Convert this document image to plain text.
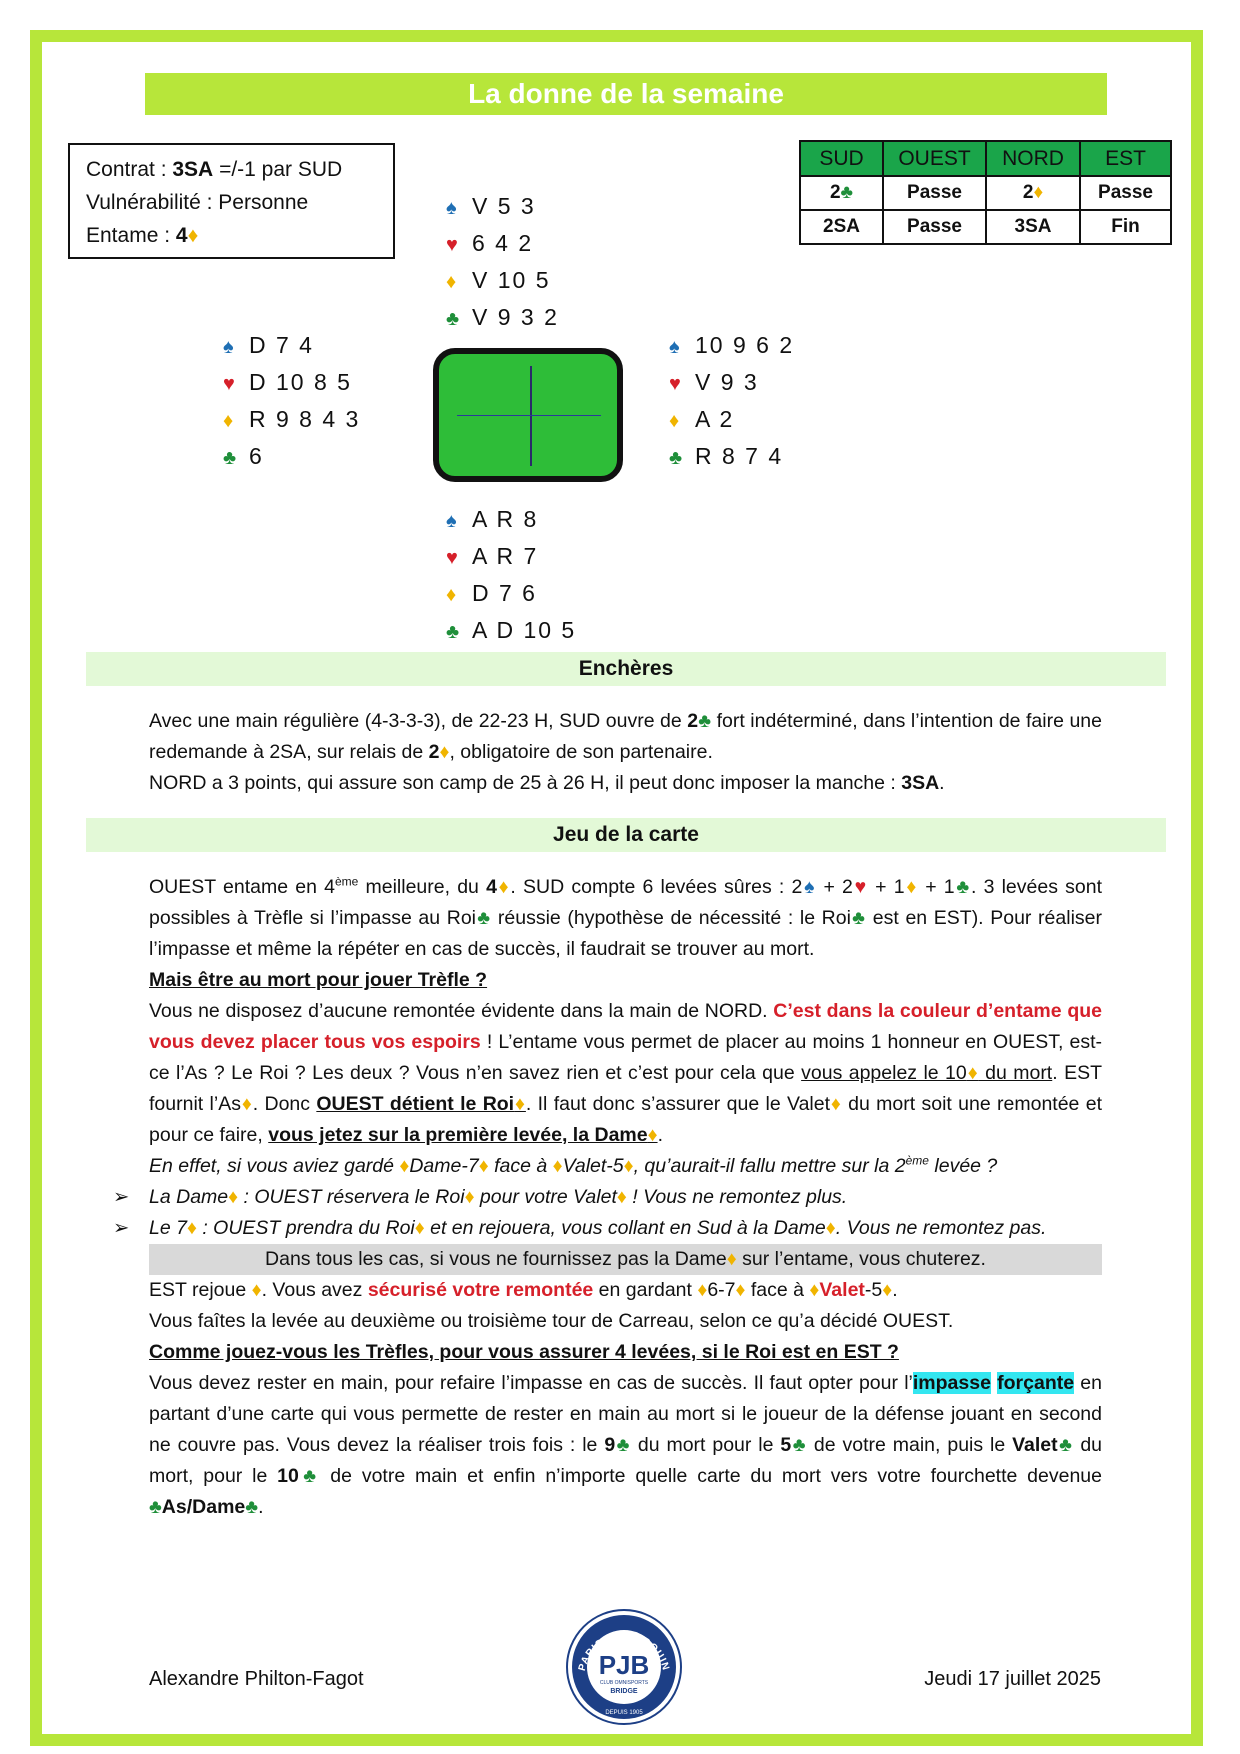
La donne de la semaine
Contrat : 3SA =/-1 par SUD
Vulnérabilité : Personne
Entame : 4♦
♠ V 5 3
♥ 6 4 2
♦ V 10 5
♣ V 9 3 2
♠ D 7 4
♥ D 10 8 5
♦ R 9 8 4 3
♣ 6
♠ 10 9 6 2
♥ V 9 3
♦ A 2
♣ R 8 7 4
♠ A R 8
♥ A R 7
♦ D 7 6
♣ A D 10 5
SUD	OUEST	NORD	EST
2♣	Passe	2♦	Passe
2SA	Passe	3SA	Fin
Enchères

Avec une main régulière (4-3-3-3), de 22-23 H, SUD ouvre de 2♣ fort indéterminé, dans l’intention de faire une redemande à 2SA, sur relais de 2♦, obligatoire de son partenaire.

NORD a 3 points, qui assure son camp de 25 à 26 H, il peut donc imposer la manche : 3SA.

Jeu de la carte

OUEST entame en 4ème meilleure, du 4♦. SUD compte 6 levées sûres : 2♠ + 2♥ + 1♦ + 1♣. 3 levées sont possibles à Trèfle si l’impasse au Roi♣ réussie (hypothèse de nécessité : le Roi♣ est en EST). Pour réaliser l’impasse et même la répéter en cas de succès, il faudrait se trouver au mort.

Mais être au mort pour jouer Trèfle ?

Vous ne disposez d’aucune remontée évidente dans la main de NORD. C’est dans la couleur d’entame que vous devez placer tous vos espoirs ! L’entame vous permet de placer au moins 1 honneur en OUEST, est-ce l’As ? Le Roi ? Les deux ? Vous n’en savez rien et c’est pour cela que vous appelez le 10♦ du mort. EST fournit l’As♦. Donc OUEST détient le Roi♦. Il faut donc s’assurer que le Valet♦ du mort soit une remontée et pour ce faire, vous jetez sur la première levée, la Dame♦.

En effet, si vous aviez gardé ♦Dame-7♦ face à ♦Valet-5♦, qu’aurait-il fallu mettre sur la 2ème levée ?

➢ La Dame♦ : OUEST réservera le Roi♦ pour votre Valet♦ ! Vous ne remontez plus.

➢ Le 7♦ : OUEST prendra du Roi♦ et en rejouera, vous collant en Sud à la Dame♦. Vous ne remontez pas.

Dans tous les cas, si vous ne fournissez pas la Dame♦ sur l’entame, vous chuterez.

EST rejoue ♦. Vous avez sécurisé votre remontée en gardant ♦6-7♦ face à ♦Valet-5♦.

Vous faîtes la levée au deuxième ou troisième tour de Carreau, selon ce qu’a décidé OUEST.

Comme jouez-vous les Trèfles, pour vous assurer 4 levées, si le Roi est en EST ?

Vous devez rester en main, pour refaire l’impasse en cas de succès. Il faut opter pour l’impasse forçante en partant d’une carte qui vous permette de rester en main au mort si le joueur de la défense jouant en second ne couvre pas. Vous devez la réaliser trois fois : le 9♣ du mort pour le 5♣ de votre main, puis le Valet♣ du mort, pour le 10♣ de votre main et enfin n’importe quelle carte du mort vers votre fourchette devenue ♣As/Dame♣.

Alexandre Philton-Fagot	Jeudi 17 juillet 2025
PARIS JEAN BOUIN
PJB
CLUB OMNISPORTS
BRIDGE
DEPUIS 1905
